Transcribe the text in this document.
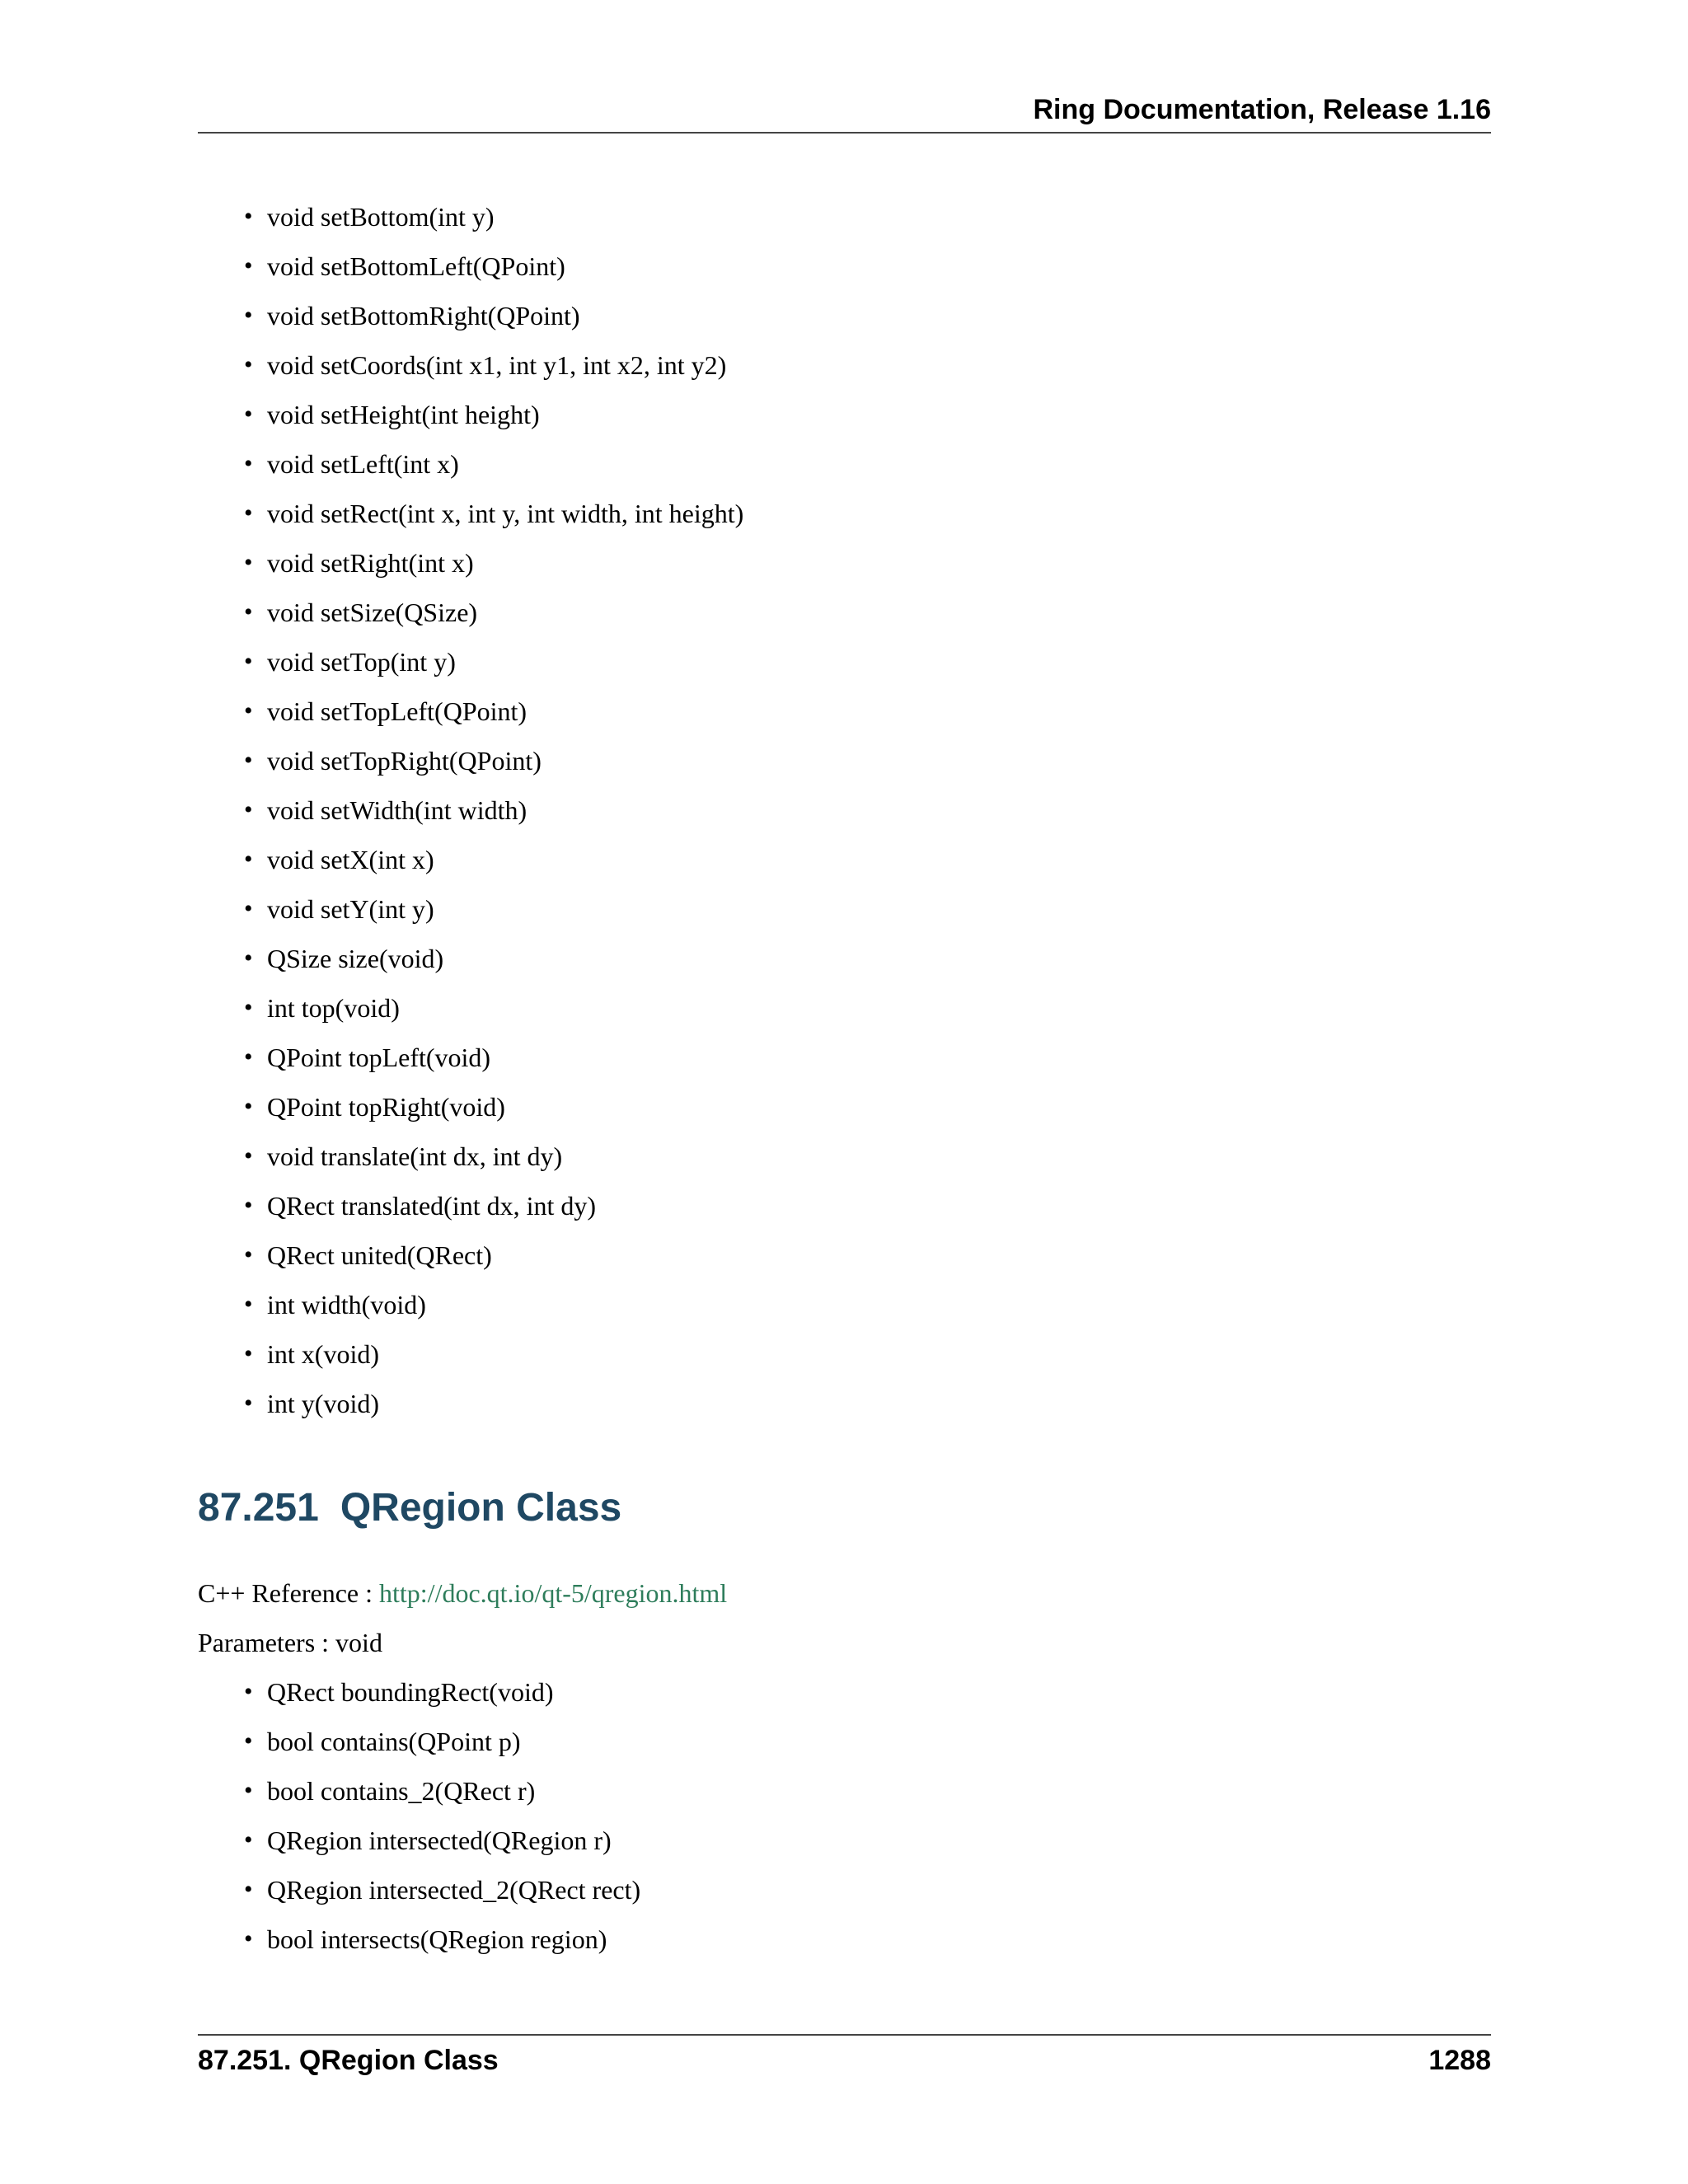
Ring Documentation, Release 1.16
• void setBottom(int y)
• void setBottomLeft(QPoint)
• void setBottomRight(QPoint)
• void setCoords(int x1, int y1, int x2, int y2)
• void setHeight(int height)
• void setLeft(int x)
• void setRect(int x, int y, int width, int height)
• void setRight(int x)
• void setSize(QSize)
• void setTop(int y)
• void setTopLeft(QPoint)
• void setTopRight(QPoint)
• void setWidth(int width)
• void setX(int x)
• void setY(int y)
• QSize size(void)
• int top(void)
• QPoint topLeft(void)
• QPoint topRight(void)
• void translate(int dx, int dy)
• QRect translated(int dx, int dy)
• QRect united(QRect)
• int width(void)
• int x(void)
• int y(void)
87.251 QRegion Class

C++ Reference : http://doc.qt.io/qt-5/qregion.html

Parameters : void

• QRect boundingRect(void)
• bool contains(QPoint p)
• bool contains_2(QRect r)
• QRegion intersected(QRegion r)
• QRegion intersected_2(QRect rect)
• bool intersects(QRegion region)
87.251. QRegion Class	1288
